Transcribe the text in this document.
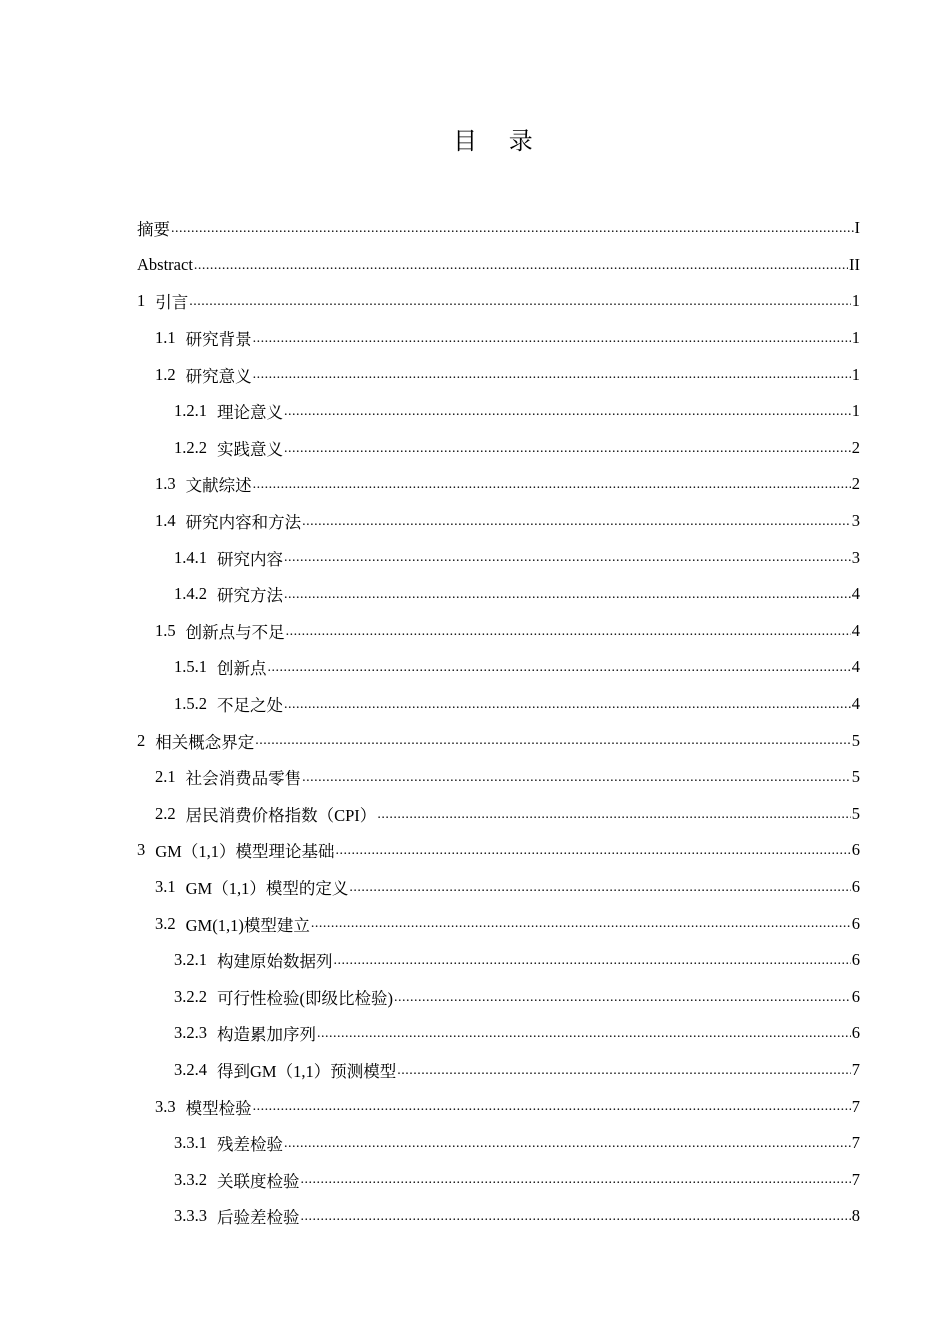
目 录
摘要 .....	I
Abstract .....	II
1 引言 .....	1
1.1 研究背景 .....	1
1.2 研究意义 .....	1
1.2.1 理论意义 .....	1
1.2.2 实践意义 .....	2
1.3 文献综述 .....	2
1.4 研究内容和方法 .....	3
1.4.1 研究内容 .....	3
1.4.2 研究方法 .....	4
1.5 创新点与不足 .....	4
1.5.1 创新点 .....	4
1.5.2 不足之处 .....	4
2 相关概念界定 .....	5
2.1 社会消费品零售 .....	5
2.2 居民消费价格指数（CPI） .....	5
3 GM（1,1）模型理论基础 .....	6
3.1 GM（1,1）模型的定义 .....	6
3.2 GM(1,1)模型建立 .....	6
3.2.1 构建原始数据列 .....	6
3.2.2 可行性检验(即级比检验) .....	6
3.2.3 构造累加序列 .....	6
3.2.4 得到GM（1,1）预测模型 .....	7
3.3 模型检验 .....	7
3.3.1 残差检验 .....	7
3.3.2 关联度检验 .....	7
3.3.3 后验差检验 .....	8
